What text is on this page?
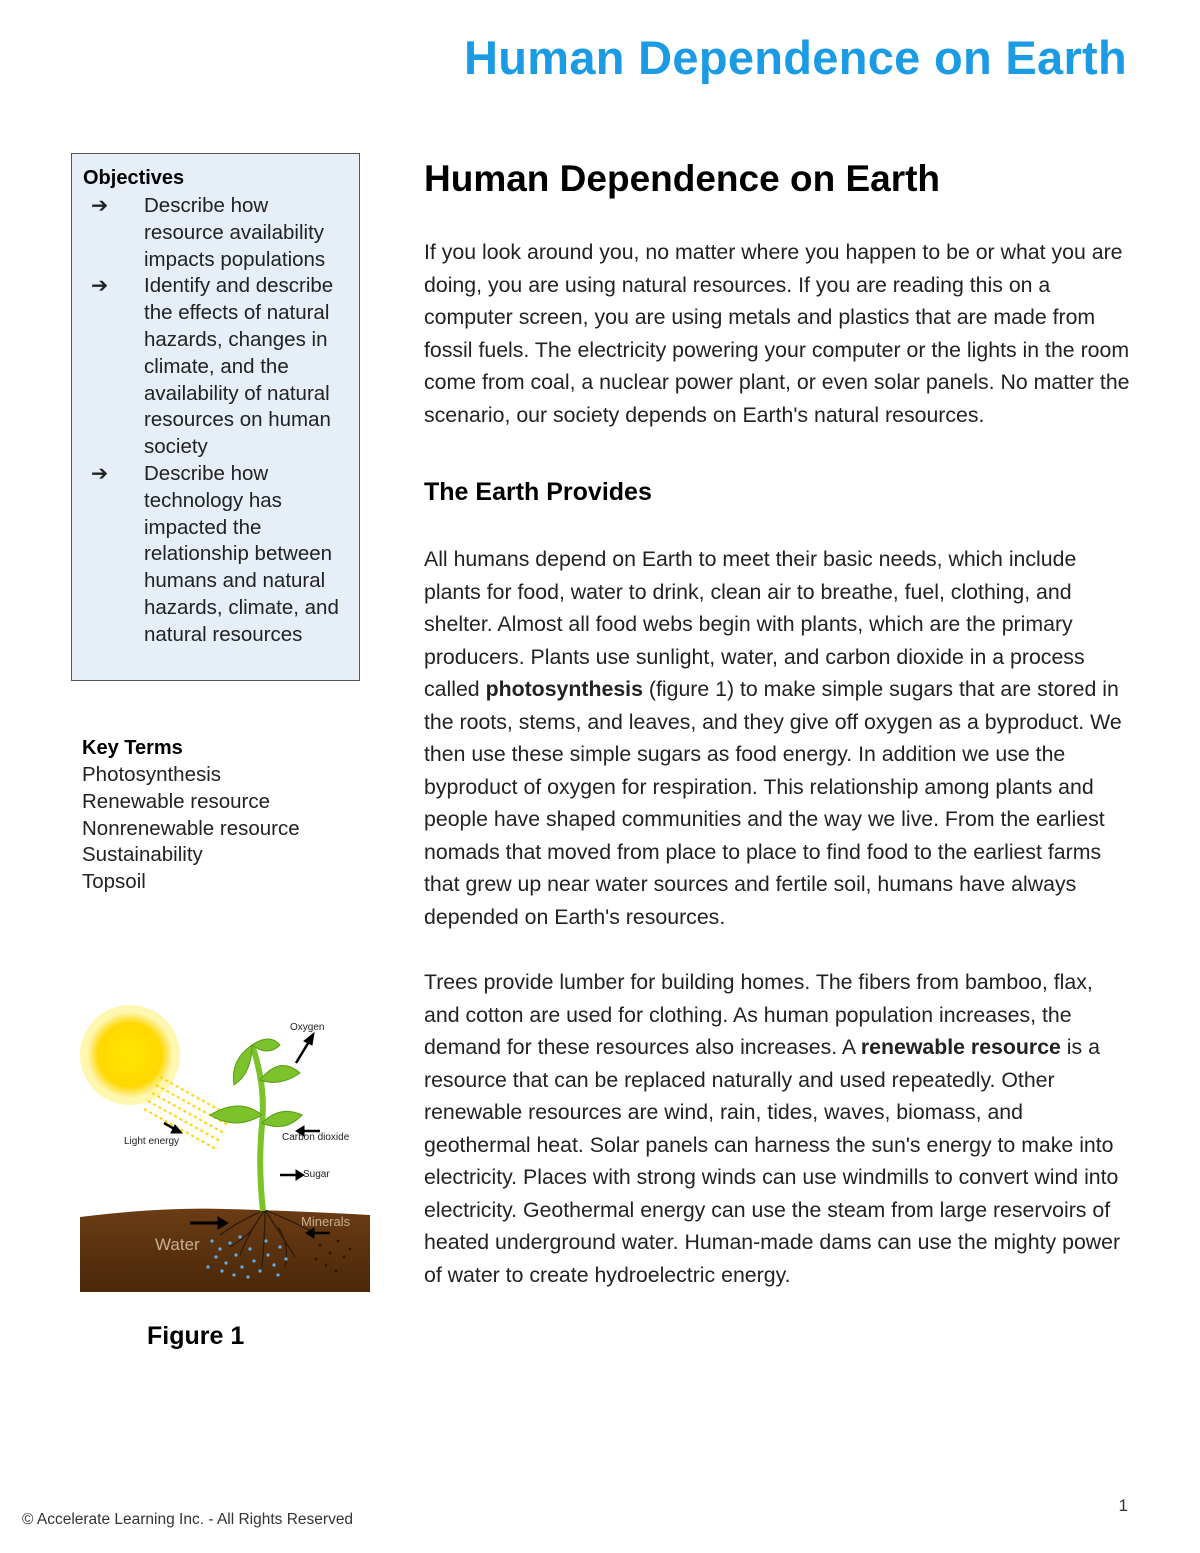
Human Dependence on Earth
Objectives
➔	Describe how resource availability impacts populations
➔	Identify and describe the effects of natural hazards, changes in climate, and the availability of natural resources on human society
➔	Describe how technology has impacted the relationship between humans and natural hazards, climate, and natural resources
Key Terms
Photosynthesis
Renewable resource
Nonrenewable resource
Sustainability
Topsoil
Oxygen
Light energy	Carbon dioxide
Sugar
Minerals
Water
Figure 1
Human Dependence on Earth

If you look around you, no matter where you happen to be or what you are doing, you are using natural resources. If you are reading this on a computer screen, you are using metals and plastics that are made from fossil fuels. The electricity powering your computer or the lights in the room come from coal, a nuclear power plant, or even solar panels. No matter the scenario, our society depends on Earth's natural resources.

The Earth Provides

All humans depend on Earth to meet their basic needs, which include plants for food, water to drink, clean air to breathe, fuel, clothing, and shelter. Almost all food webs begin with plants, which are the primary producers. Plants use sunlight, water, and carbon dioxide in a process called photosynthesis (figure 1) to make simple sugars that are stored in the roots, stems, and leaves, and they give off oxygen as a byproduct. We then use these simple sugars as food energy. In addition we use the byproduct of oxygen for respiration. This relationship among plants and people have shaped communities and the way we live. From the earliest nomads that moved from place to place to find food to the earliest farms that grew up near water sources and fertile soil, humans have always depended on Earth's resources.

Trees provide lumber for building homes. The fibers from bamboo, flax, and cotton are used for clothing. As human population increases, the demand for these resources also increases. A renewable resource is a resource that can be replaced naturally and used repeatedly. Other renewable resources are wind, rain, tides, waves, biomass, and geothermal heat. Solar panels can harness the sun's energy to make into electricity. Places with strong winds can use windmills to convert wind into electricity. Geothermal energy can use the steam from large reservoirs of heated underground water. Human-made dams can use the mighty power of water to create hydroelectric energy.

© Accelerate Learning Inc. - All Rights Reserved
1
